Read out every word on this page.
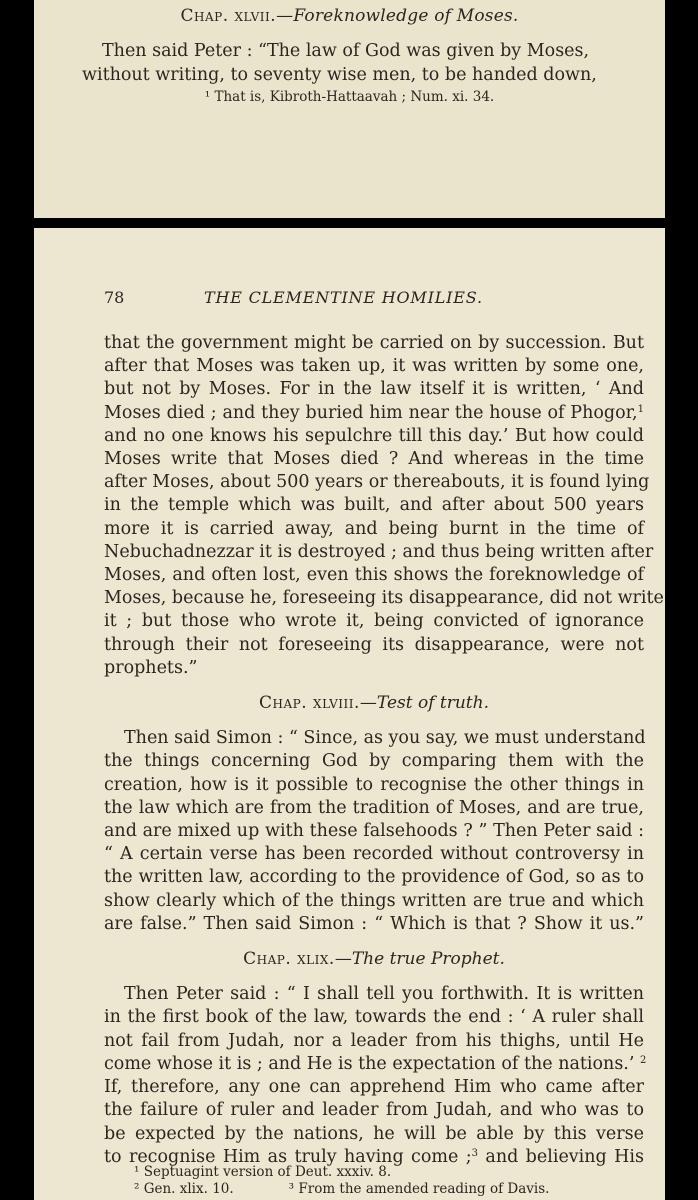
Chap. xlvii.—Foreknowledge of Moses.
Then said Peter : “The law of God was given by Moses,
without writing, to seventy wise men, to be handed down,
¹ That is, Kibroth-Hattaavah ; Num. xi. 34.
78	THE CLEMENTINE HOMILIES.
that the government might be carried on by succession. But
after that Moses was taken up, it was written by some one,
but not by Moses. For in the law itself it is written, ‘ And
Moses died ; and they buried him near the house of Phogor,$^1$
and no one knows his sepulchre till this day.’ But how could
Moses write that Moses died ? And whereas in the time
after Moses, about 500 years or thereabouts, it is found lying
in the temple which was built, and after about 500 years
more it is carried away, and being burnt in the time of
Nebuchadnezzar it is destroyed ; and thus being written after
Moses, and often lost, even this shows the foreknowledge of
Moses, because he, foreseeing its disappearance, did not write
it ; but those who wrote it, being convicted of ignorance
through their not foreseeing its disappearance, were not
prophets.”
Chap. xlviii.—Test of truth.
Then said Simon : “ Since, as you say, we must understand
the things concerning God by comparing them with the
creation, how is it possible to recognise the other things in
the law which are from the tradition of Moses, and are true,
and are mixed up with these falsehoods ? ” Then Peter said :
“ A certain verse has been recorded without controversy in
the written law, according to the providence of God, so as to
show clearly which of the things written are true and which
are false.” Then said Simon : “ Which is that ? Show it us.”
Chap. xlix.—The true Prophet.
Then Peter said : “ I shall tell you forthwith. It is written
in the first book of the law, towards the end : ‘ A ruler shall
not fail from Judah, nor a leader from his thighs, until He
come whose it is ; and He is the expectation of the nations.’ $^2$
If, therefore, any one can apprehend Him who came after
the failure of ruler and leader from Judah, and who was to
be expected by the nations, he will be able by this verse
to recognise Him as truly having come ;$^3$ and believing His
¹ Septuagint version of Deut. xxxiv. 8.
² Gen. xlix. 10.	³ From the amended reading of Davis.
